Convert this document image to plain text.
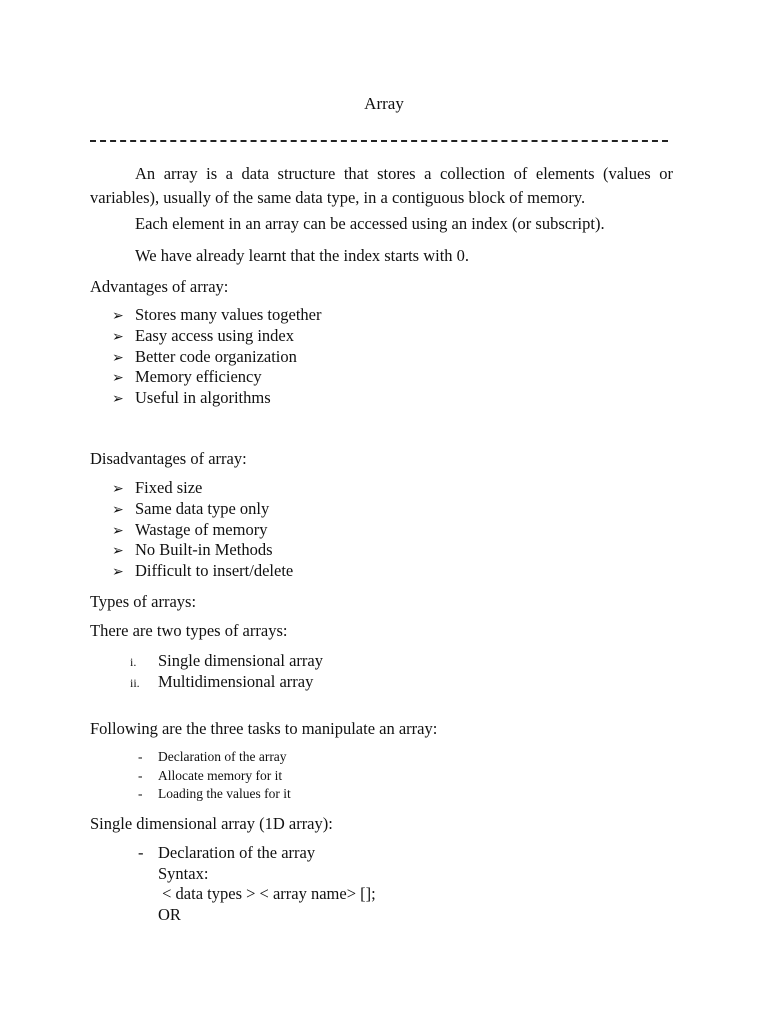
Array
An array is a data structure that stores a collection of elements (values or variables), usually of the same data type, in a contiguous block of memory.
Each element in an array can be accessed using an index (or subscript).
We have already learnt that the index starts with 0.
Advantages of array:
➢ Stores many values together
➢ Easy access using index
➢ Better code organization
➢ Memory efficiency
➢ Useful in algorithms
Disadvantages of array:
➢ Fixed size
➢ Same data type only
➢ Wastage of memory
➢ No Built-in Methods
➢ Difficult to insert/delete
Types of arrays:
There are two types of arrays:
i. Single dimensional array
ii. Multidimensional array
Following are the three tasks to manipulate an array:
- Declaration of the array
- Allocate memory for it
- Loading the values for it
Single dimensional array (1D array):
- Declaration of the array
Syntax:
< data types > < array name> [];
OR
